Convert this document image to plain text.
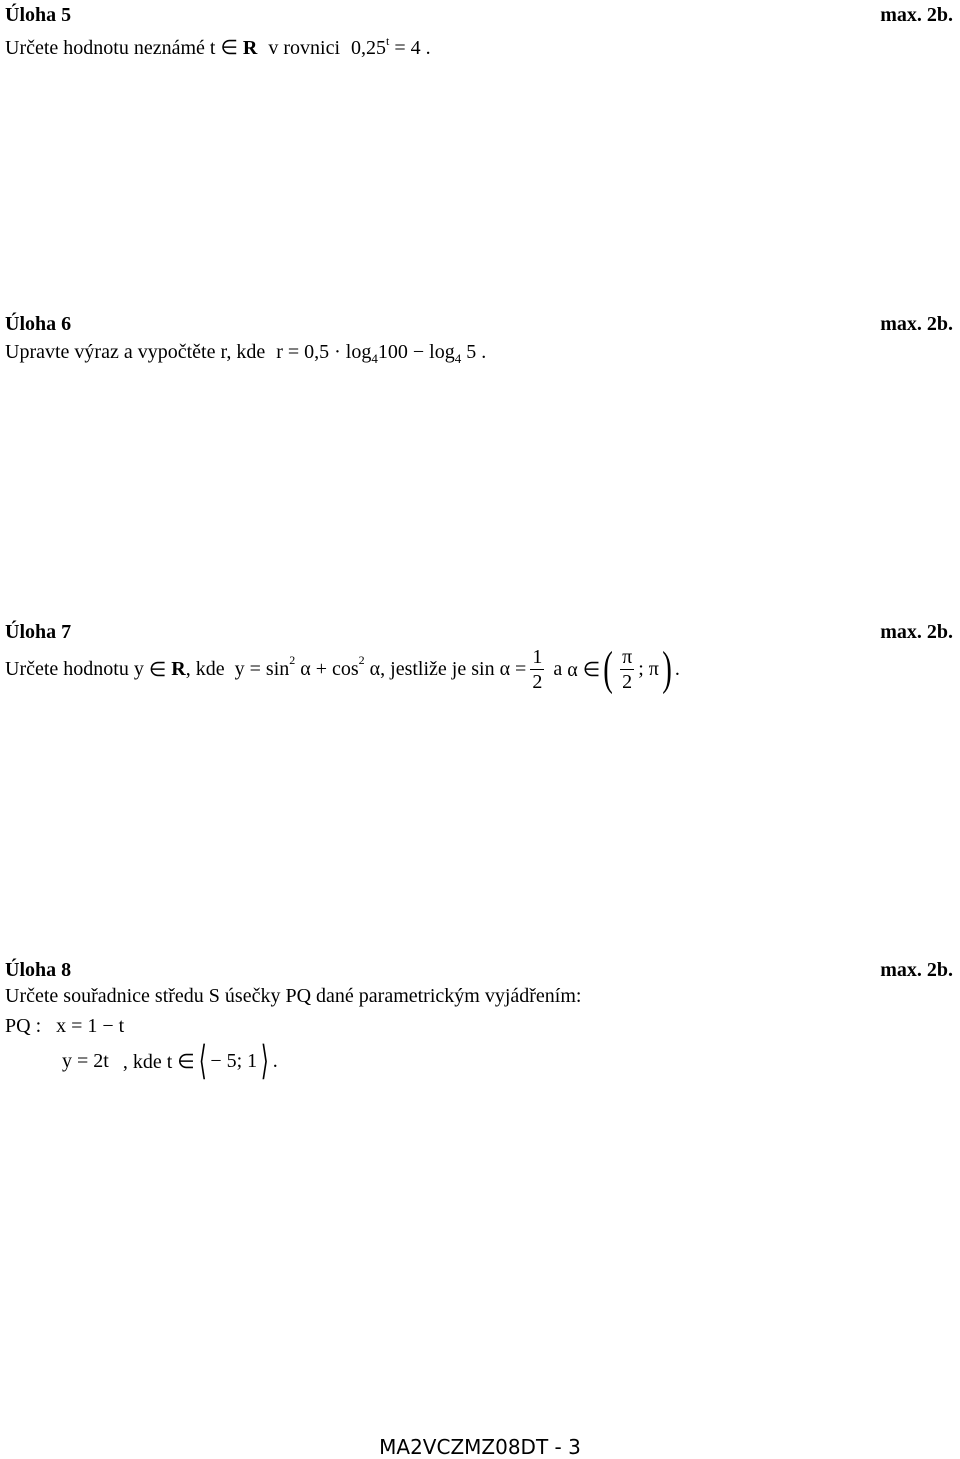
Úloha 5	max. 2b.
Určete hodnotu neznámé t ∈ R v rovnici $0,25^t = 4$ .
Úloha 6	max. 2b.
Upravte výraz a vypočtěte r, kde $r = 0,5 \cdot \log_4100 - \log_4 5$ .
Úloha 7	max. 2b.
Určete hodnotu
y
∈
R , kde
y = sin 2
α + cos 2
α, jestliže je
$\sin \alpha = \frac{1}{2}$
a
α ∈ ( $\frac{\pi}{2}$ ; π ) .
Úloha 8	max. 2b.
Určete souřadnice středu S úsečky PQ dané parametrickým vyjádřením:
PQ : x = 1 − t
y = 2t , kde t ∈ ⟨ − 5; 1 ⟩ .
MA2VCZMZ08DT - 3
